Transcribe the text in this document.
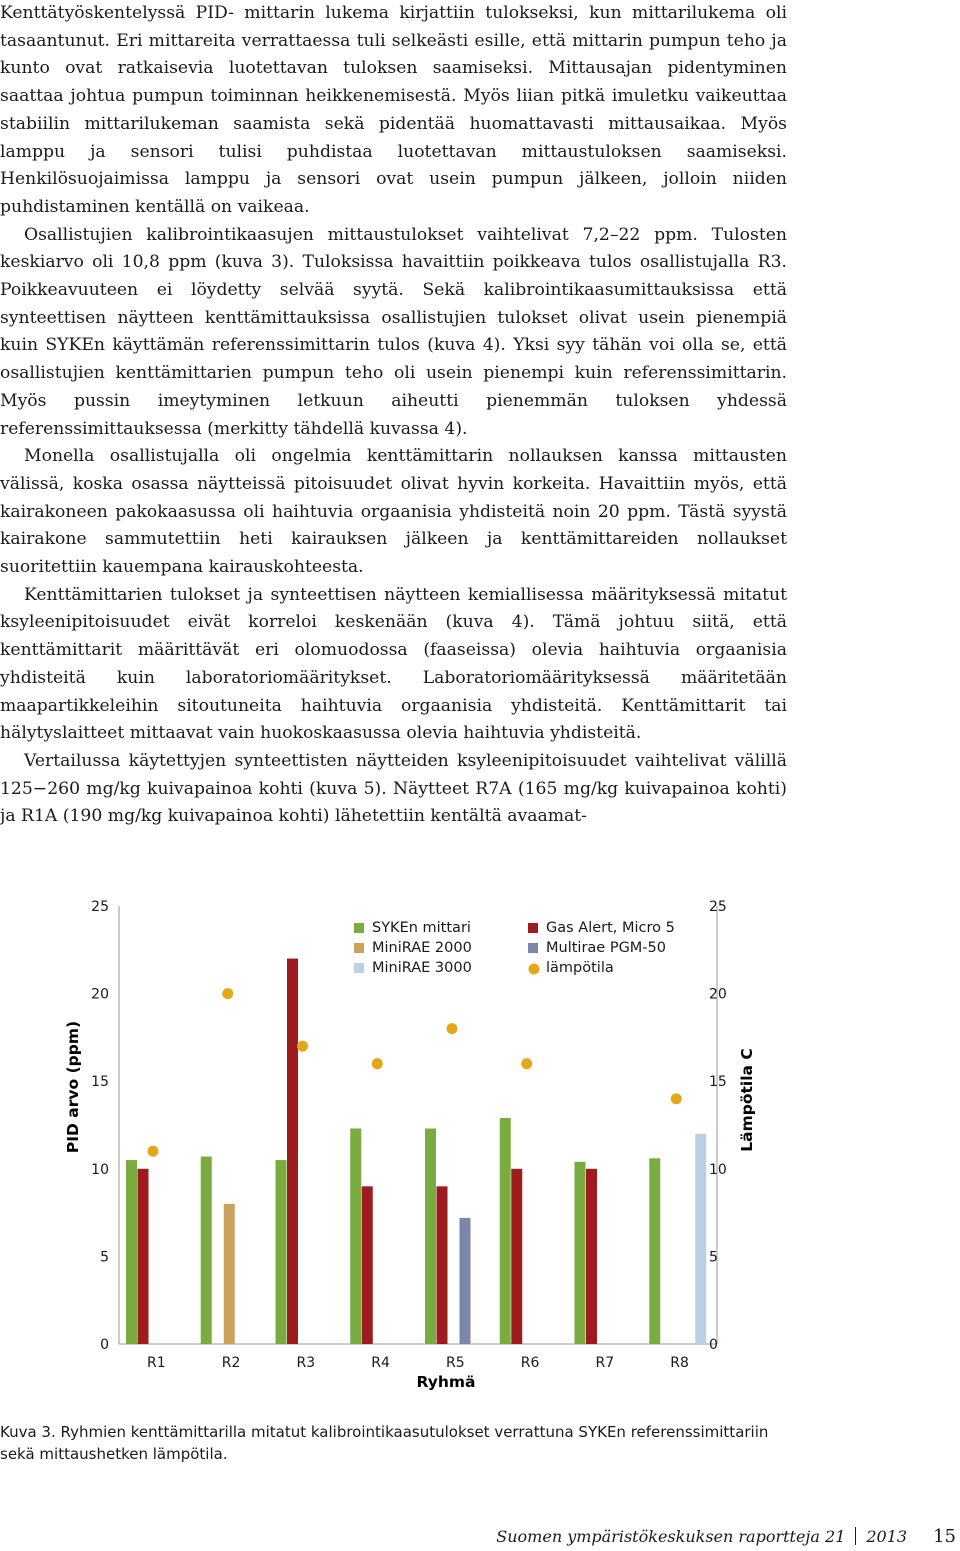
Kenttätyöskentelyssä PID- mittarin lukema kirjattiin tulokseksi, kun mittarilukema oli tasaantunut. Eri mittareita verrattaessa tuli selkeästi esille, että mittarin pumpun teho ja kunto ovat ratkaisevia luotettavan tuloksen saamiseksi. Mittausajan pidentyminen saattaa johtua pumpun toiminnan heikkenemisestä. Myös liian pitkä imuletku vaikeuttaa stabiilin mittarilukeman saamista sekä pidentää huomattavasti mittausaikaa. Myös lamppu ja sensori tulisi puhdistaa luotettavan mittaustuloksen saamiseksi. Henkilösuojaimissa lamppu ja sensori ovat usein pumpun jälkeen, jolloin niiden puhdistaminen kentällä on vaikeaa.

Osallistujien kalibrointikaasujen mittaustulokset vaihtelivat 7,2–22 ppm. Tulosten keskiarvo oli 10,8 ppm (kuva 3). Tuloksissa havaittiin poikkeava tulos osallistujalla R3. Poikkeavuuteen ei löydetty selvää syytä. Sekä kalibrointikaasumittauksissa että synteettisen näytteen kenttämittauksissa osallistujien tulokset olivat usein pienempiä kuin SYKEn käyttämän referenssimittarin tulos (kuva 4). Yksi syy tähän voi olla se, että osallistujien kenttämittarien pumpun teho oli usein pienempi kuin referenssimittarin. Myös pussin imeytyminen letkuun aiheutti pienemmän tuloksen yhdessä referenssimittauksessa (merkitty tähdellä kuvassa 4).

Monella osallistujalla oli ongelmia kenttämittarin nollauksen kanssa mittausten välissä, koska osassa näytteissä pitoisuudet olivat hyvin korkeita. Havaittiin myös, että kairakoneen pakokaasussa oli haihtuvia orgaanisia yhdisteitä noin 20 ppm. Tästä syystä kairakone sammutettiin heti kairauksen jälkeen ja kenttämittareiden nollaukset suoritettiin kauempana kairauskohteesta.

Kenttämittarien tulokset ja synteettisen näytteen kemiallisessa määrityksessä mitatut ksyleenipitoisuudet eivät korreloi keskenään (kuva 4). Tämä johtuu siitä, että kenttämittarit määrittävät eri olomuodossa (faaseissa) olevia haihtuvia orgaanisia yhdisteitä kuin laboratoriomääritykset. Laboratoriomäärityksessä määritetään maapartikkeleihin sitoutuneita haihtuvia orgaanisia yhdisteitä. Kenttämittarit tai hälytyslaitteet mittaavat vain huokoskaasussa olevia haihtuvia yhdisteitä.

Vertailussa käytettyjen synteettisten näytteiden ksyleenipitoisuudet vaihtelivat välillä 125−260 mg/kg kuivapainoa kohti (kuva 5). Näytteet R7A (165 mg/kg kuivapainoa kohti) ja R1A (190 mg/kg kuivapainoa kohti) lähetettiin kentältä avaamat-

0	0
5	5
10	10
15	15
20	20
25	25
R1	R2	R3	R4	R5	R6	R7	R8
SYKEn mittari
MiniRAE 2000
MiniRAE 3000
Gas Alert, Micro 5
Multirae PGM-50
lämpötila
PID arvo (ppm)	Lämpötila C
Ryhmä
Kuva 3. Ryhmien kenttämittarilla mitatut kalibrointikaasutulokset verrattuna SYKEn referenssimittariin sekä mittaushetken lämpötila.
Suomen ympäristökeskuksen raportteja 21 2013 15
